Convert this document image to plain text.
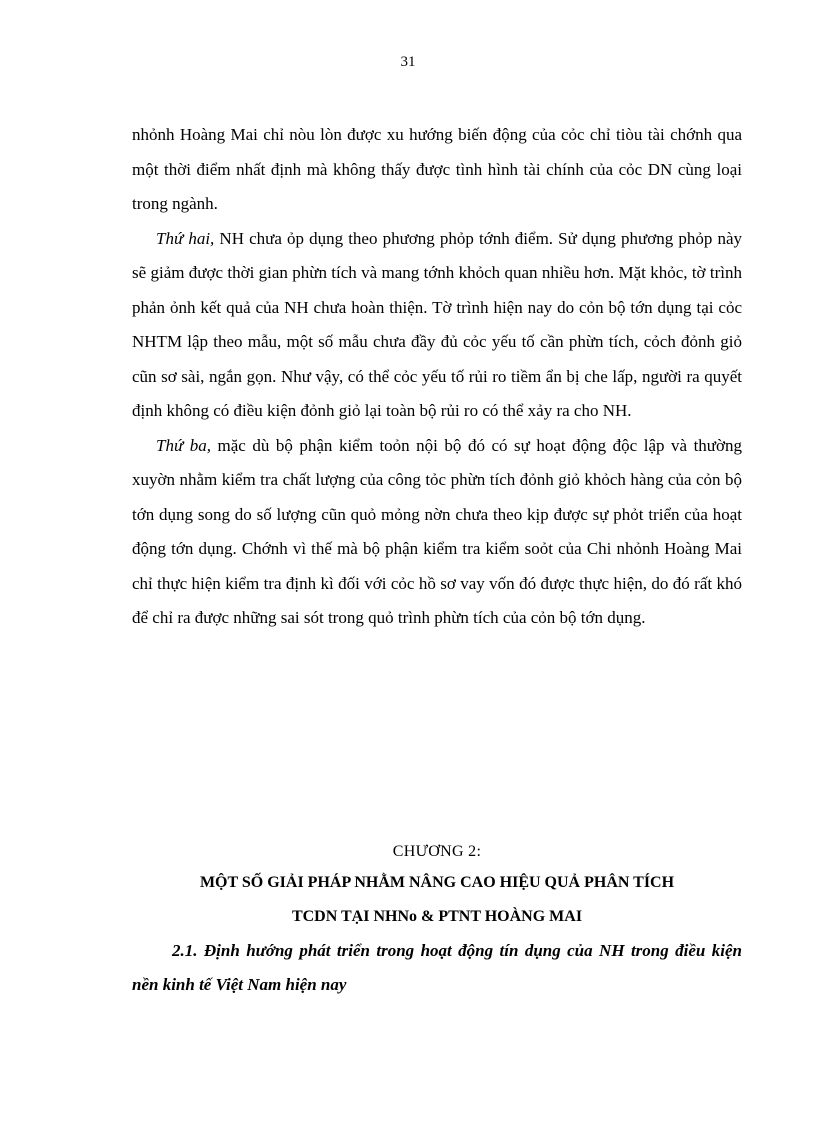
31

nhỏnh Hoàng Mai chỉ nòu lòn được xu hướng biến động của cỏc chỉ tiòu tài chớnh qua một thời điểm nhất định mà không thấy được tình hình tài chính của cỏc DN cùng loại trong ngành.

Thứ hai, NH chưa ỏp dụng theo phương phỏp tớnh điểm. Sử dụng phương phỏp này sẽ giảm được thời gian phừn tích và mang tớnh khỏch quan nhiều hơn. Mặt khỏc, tờ trình phản ỏnh kết quả của NH chưa hoàn thiện. Tờ trình hiện nay do cỏn bộ tớn dụng tại cỏc NHTM lập theo mẫu, một số mẫu chưa đầy đủ cỏc yếu tố cần phừn tích, cỏch đỏnh giỏ cũn sơ sài, ngắn gọn. Như vậy, có thể cỏc yếu tố rủi ro tiềm ẩn bị che lấp, người ra quyết định không có điều kiện đỏnh giỏ lại toàn bộ rủi ro có thể xảy ra cho NH.

Thứ ba, mặc dù bộ phận kiểm toỏn nội bộ đó có sự hoạt động độc lập và thường xuyờn nhằm kiểm tra chất lượng của công tỏc phừn tích đỏnh giỏ khỏch hàng của cỏn bộ tớn dụng song do số lượng cũn quỏ mỏng nờn chưa theo kịp được sự phỏt triển của hoạt động tớn dụng. Chớnh vì thế mà bộ phận kiểm tra kiểm soỏt của Chi nhỏnh Hoàng Mai chỉ thực hiện kiểm tra định kì đối với cỏc hồ sơ vay vốn đó được thực hiện, do đó rất khó để chỉ ra được những sai sót trong quỏ trình phừn tích của cỏn bộ tớn dụng.

CHƯƠNG 2:
MỘT SỐ GIẢI PHÁP NHẰM NÂNG CAO HIỆU QUẢ PHÂN TÍCH
TCDN TẠI NHNo & PTNT HOÀNG MAI

2.1. Định hướng phát triển trong hoạt động tín dụng của NH trong điều kiện nền kinh tế Việt Nam hiện nay
